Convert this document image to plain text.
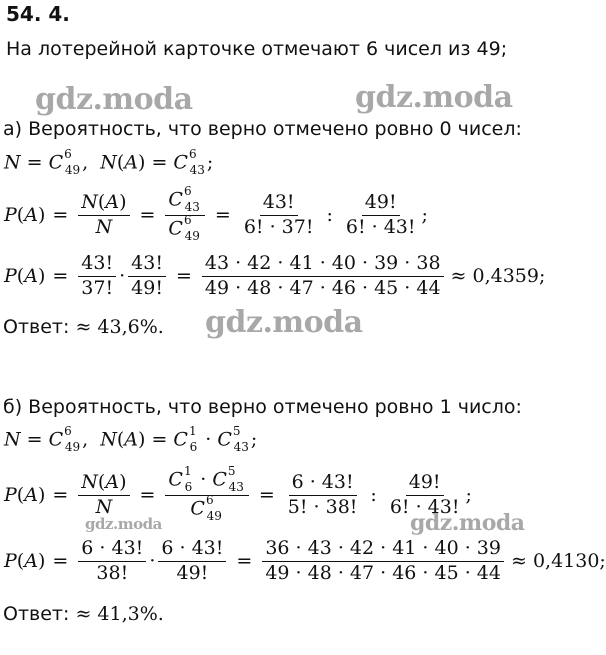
54. 4.
На лотерейной карточке отмечают 6 чисел из 49;
gdz.moda	gdz.moda
gdz.moda
gdz.moda	gdz.moda
а) Вероятность, что верно отмечено ровно 0 чисел:
$N = C^6_{49}$ ,  $N(A) = C^6_{43}$ ;
P ( A ) = $\frac{N(A)}{N} = \frac{C^6_{43}}{C^6_{49}} = \frac{43!}{6! \cdot 37!}$ : $\frac{49!}{6! \cdot 43!}$ ;
P ( A ) = $\frac{43!}{37!} \cdot \frac{43!}{49!} = \frac{43 \cdot 42 \cdot 41 \cdot 40 \cdot 39 \cdot 38}{49 \cdot 48 \cdot 47 \cdot 46 \cdot 45 \cdot 44} \approx 0,4359$;
Ответ: ≈ 43,6%.
б) Вероятность, что верно отмечено ровно 1 число:
$N = C^6_{49}$ ,  $N(A) = C^1_6 \cdot C^5_{43}$ ;
P ( A ) = $\frac{N(A)}{N} = \frac{C^1_6 \cdot C^5_{43}}{C^6_{49}} = \frac{6 \cdot 43!}{5! \cdot 38!}$ : $\frac{49!}{6! \cdot 43!}$ ;
P ( A ) = $\frac{6 \cdot 43!}{38!} \cdot \frac{6 \cdot 43!}{49!} = \frac{36 \cdot 43 \cdot 42 \cdot 41 \cdot 40 \cdot 39}{49 \cdot 48 \cdot 47 \cdot 46 \cdot 45 \cdot 44} \approx 0,4130$;
Ответ: ≈ 41,3%.
